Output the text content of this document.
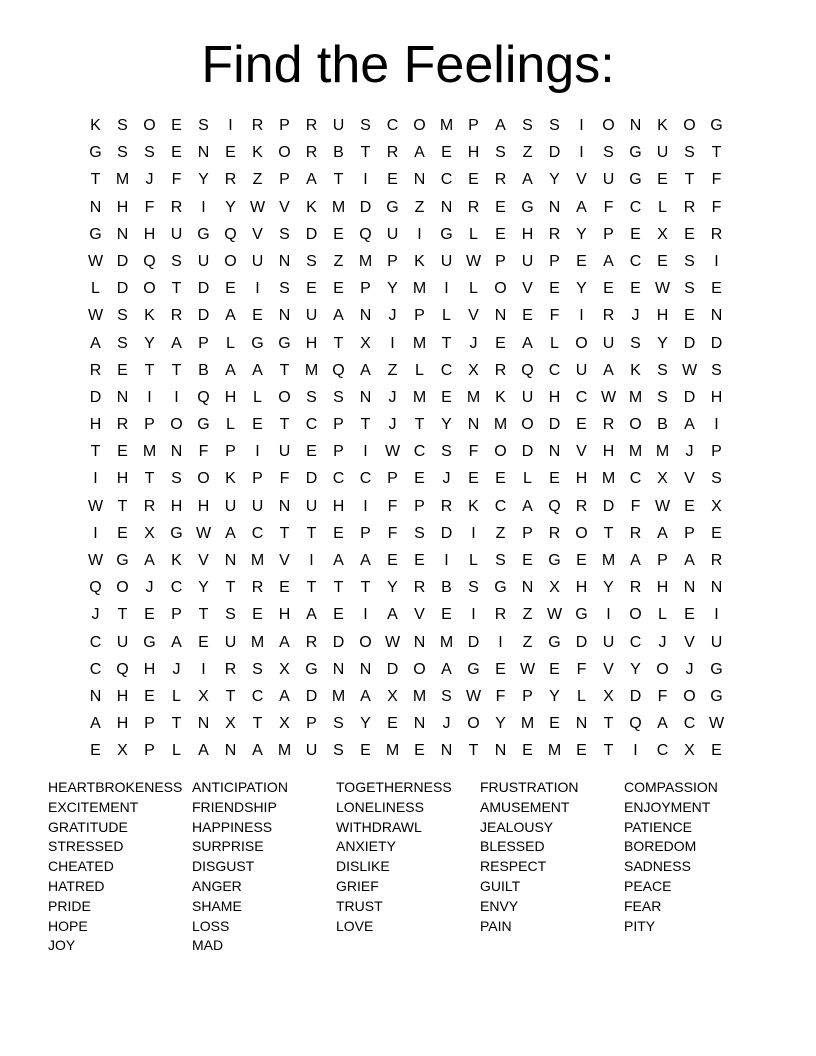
Find the Feelings:
K	S O E	S	I	R P R U S C O M P	A	S	S	I	O N K O G
G S	S	E N E	K O R B	T	R A	E H S	Z	D	I	S G U S	T
T M	J	F	Y R	Z	P	A	T	I	E N C E R A	Y	V U G E	T	F
N H	F	R	I	Y W V	K M D G Z	N R E G N A	F	C	L	R	F
G N H U G Q V	S D E Q U	I	G	L	E H R Y	P	E	X	E R
W D Q S U O U N S	Z M P	K U W P U P	E	A C E	S	I
L	D O T	D E	I	S	E	E	P	Y M	I	L	O V	E	Y	E	E W S	E
W S	K R D A	E N U A N	J	P	L	V N E	F	I	R	J	H E N
A	S	Y	A	P	L	G G H	T	X	I	M T	J	E	A	L	O U S	Y D D
R E	T	T	B	A	A	T M Q A	Z	L	C X R Q C U A	K	S W S
D N	I	I	Q H	L	O S	S N	J	M E M K U H C W M S D H
H R P O G	L	E	T	C P	T	J	T	Y N M O D E R O B	A	I
T	E M N	F	P	I	U E	P	I	W C S	F O D N V H M M	J	P
I	H	T	S O K	P	F	D C C P	E	J	E	E	L	E H M C X	V	S
W T	R H H U U N U H	I	F	P R K C A Q R D	F W E	X
I	E	X G W A C	T	T	E	P	F	S D	I	Z	P R O T	R A	P	E
W G A	K	V N M V	I	A	A	E	E	I	L	S	E G E M A	P	A R
Q O	J	C Y	T	R E	T	T	T	Y R B	S G N X H Y R H N N
J	T	E	P	T	S	E H A	E	I	A	V	E	I	R	Z W G	I	O	L	E	I
C U G A	E U M A R D O W N M D	I	Z G D U C	J	V U
C Q H	J	I	R S	X G N N D O A G E W E	F	V	Y O	J	G
N H E	L	X	T	C A D M A	X M S W F	P	Y	L	X D	F O G
A H P	T	N X	T	X	P	S	Y	E N	J	O Y M E N	T Q A C W
E	X	P	L	A N A M U S	E M E N	T	N E M E	T	I	C X	E
HEARTBROKENESS ANTICIPATION	TOGETHERNESS	FRUSTRATION	COMPASSION
EXCITEMENT	FRIENDSHIP	LONELINESS	AMUSEMENT	ENJOYMENT
GRATITUDE	HAPPINESS	WITHDRAWL	JEALOUSY	PATIENCE
STRESSED	SURPRISE	ANXIETY	BLESSED	BOREDOM
CHEATED	DISGUST	DISLIKE	RESPECT	SADNESS
HATRED	ANGER	GRIEF	GUILT	PEACE
PRIDE	SHAME	TRUST	ENVY	FEAR
HOPE	LOSS	LOVE	PAIN	PITY
JOY	MAD
